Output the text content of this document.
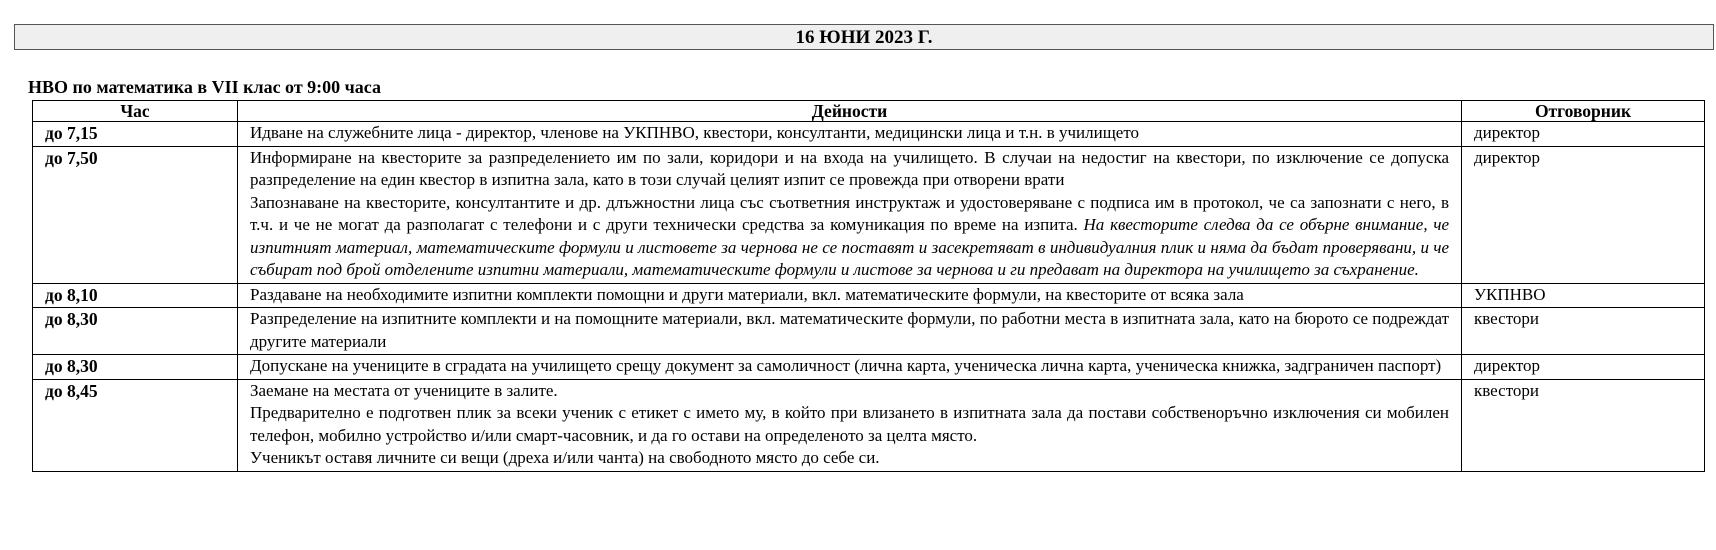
16 ЮНИ 2023 Г.
НВО по математика в VII клас от 9:00 часа
Час	Дейности	Отговорник
до 7,15	Идване на служебните лица - директор, членове на УКПНВО, квестори, консултанти, медицински лица и т.н. в училището	директор
до 7,50	Информиране на квесторите за разпределението им по зали, коридори и на входа на училището. В случаи на недостиг на квестори, по изключение се допуска разпределение на един квестор в изпитна зала, като в този случай целият изпит се провежда при отворени врати
Запознаване на квесторите, консултантите и др. длъжностни лица със съответния инструктаж и удостоверяване с подписа им в протокол, че са запознати с него, в т.ч. и че не могат да разполагат с телефони и с други технически средства за комуникация по време на изпита. На квесторите следва да се обърне внимание, че изпитният материал, математическите формули и листовете за чернова не се поставят и засекретяват в индивидуалния плик и няма да бъдат проверявани, и че събират под брой отделените изпитни материали, математическите формули и листове за чернова и ги предават на директора на училището за съхранение.	директор
до 8,10	Раздаване на необходимите изпитни комплекти помощни и други материали, вкл. математическите формули, на квесторите от всяка зала	УКПНВО
до 8,30	Разпределение на изпитните комплекти и на помощните материали, вкл. математическите формули, по работни места в изпитната зала, като на бюрото се подреждат другите материали	квестори
до 8,30	Допускане на учениците в сградата на училището срещу документ за самоличност (лична карта, ученическа лична карта, ученическа книжка, задграничен паспорт)	директор
до 8,45	Заемане на местата от учениците в залите.
Предварително е подготвен плик за всеки ученик с етикет с името му, в който при влизането в изпитната зала да постави собственоръчно изключения си мобилен телефон, мобилно устройство и/или смарт-часовник, и да го остави на определеното за целта място.
Ученикът оставя личните си вещи (дреха и/или чанта) на свободното място до себе си.	квестори
